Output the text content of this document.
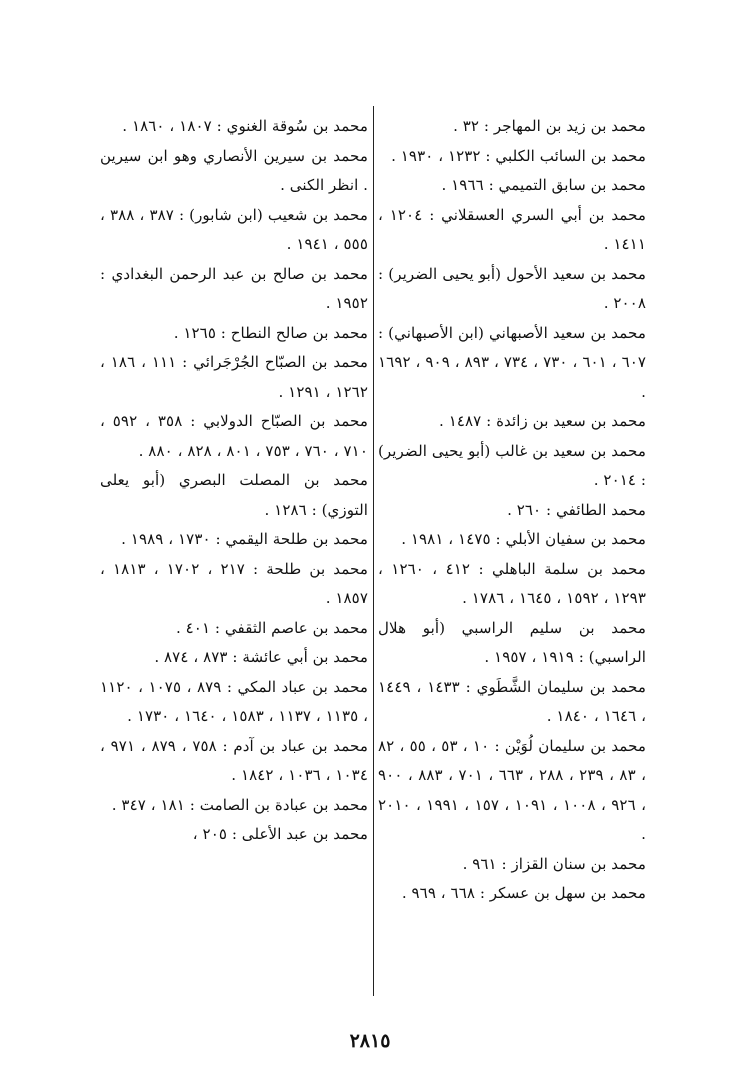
محمد بن زيد بن المهاجر : ٣٢ .

محمد بن السائب الكلبي : ١٢٣٢ ، ١٩٣٠ .

محمد بن سابق التميمي : ١٩٦٦ .

محمد بن أبي السري العسقلاني : ١٢٠٤ ، ١٤١١ .

محمد بن سعيد الأحول (أبو يحيى الضرير) : ٢٠٠٨ .

محمد بن سعيد الأصبهاني (ابن الأصبهاني) : ٦٠٧ ، ٦٠١ ، ٧٣٠ ، ٧٣٤ ، ٨٩٣ ، ٩٠٩ ، ١٦٩٢ .

محمد بن سعيد بن زائدة : ١٤٨٧ .

محمد بن سعيد بن غالب (أبو يحيى الضرير) : ٢٠١٤ .

محمد الطائفي : ٢٦٠ .

محمد بن سفيان الأبلي : ١٤٧٥ ، ١٩٨١ .

محمد بن سلمة الباهلي : ٤١٢ ، ١٢٦٠ ، ١٢٩٣ ، ١٥٩٢ ، ١٦٤٥ ، ١٧٨٦ .

محمد بن سليم الراسبي (أبو هلال الراسبي) : ١٩١٩ ، ١٩٥٧ .

محمد بن سليمان الشَّطَوي : ١٤٣٣ ، ١٤٤٩ ، ١٦٤٦ ، ١٨٤٠ .

محمد بن سليمان لُوَيْن : ١٠ ، ٥٣ ، ٥٥ ، ٨٢ ، ٨٣ ، ٢٣٩ ، ٢٨٨ ، ٦٦٣ ، ٧٠١ ، ٨٨٣ ، ٩٠٠ ، ٩٢٦ ، ١٠٠٨ ، ١٠٩١ ، ١٥٧ ، ١٩٩١ ، ٢٠١٠ .

محمد بن سنان القزاز : ٩٦١ .

محمد بن سهل بن عسكر : ٦٦٨ ، ٩٦٩ .

محمد بن سُوقة الغنوي : ١٨٠٧ ، ١٨٦٠ .

محمد بن سيرين الأنصاري وهو ابن سيرين . انظر الكنى .

محمد بن شعيب (ابن شابور) : ٣٨٧ ، ٣٨٨ ، ٥٥٥ ، ١٩٤١ .

محمد بن صالح بن عبد الرحمن البغدادي : ١٩٥٢ .

محمد بن صالح النطاح : ١٢٦٥ .

محمد بن الصبّاح الجُرْجَرائي : ١١١ ، ١٨٦ ، ١٢٦٢ ، ١٢٩١ .

محمد بن الصبّاح الدولابي : ٣٥٨ ، ٥٩٢ ، ٧١٠ ، ٧٦٠ ، ٧٥٣ ، ٨٠١ ، ٨٢٨ ، ٨٨٠ .

محمد بن المصلت البصري (أبو يعلى التوزي) : ١٢٨٦ .

محمد بن طلحة اليقمي : ١٧٣٠ ، ١٩٨٩ .

محمد بن طلحة : ٢١٧ ، ١٧٠٢ ، ١٨١٣ ، ١٨٥٧ .

محمد بن عاصم الثقفي : ٤٠١ .

محمد بن أبي عائشة : ٨٧٣ ، ٨٧٤ .

محمد بن عباد المكي : ٨٧٩ ، ١٠٧٥ ، ١١٢٠ ، ١١٣٥ ، ١١٣٧ ، ١٥٨٣ ، ١٦٤٠ ، ١٧٣٠ .

محمد بن عباد بن آدم : ٧٥٨ ، ٨٧٩ ، ٩٧١ ، ١٠٣٤ ، ١٠٣٦ ، ١٨٤٢ .

محمد بن عبادة بن الصامت : ١٨١ ، ٣٤٧ .

محمد بن عبد الأعلى : ٢٠٥ ،

٢٨١٥
